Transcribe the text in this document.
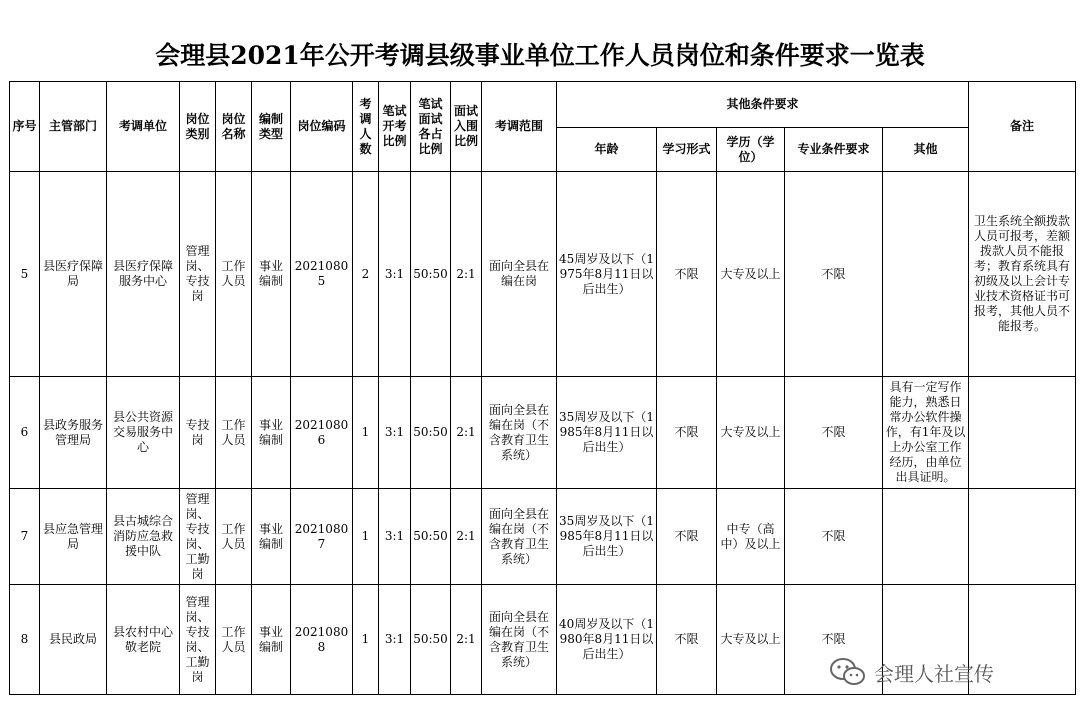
会理县2021年公开考调县级事业单位工作人员岗位和条件要求一览表
序号	主管部门	考调单位	岗位类别	岗位名称	编制类型	岗位编码	考调人数	笔试开考比例	笔试面试各占比例	面试入围比例	考调范围	其他条件要求					备注
												年龄	学习形式	学历（学位）	专业条件要求	其他	
5	县医疗保障局	县医疗保障服务中心	管理岗、专技岗	工作人员	事业编制	20210805	2	3:1	50:50	2:1	面向全县在编在岗	45周岁及以下（1975年8月11日以后出生）	不限	大专及以上	不限		卫生系统全额拨款人员可报考，差额拨款人员不能报考；教育系统具有初级及以上会计专业技术资格证书可报考，其他人员不能报考。
6	县政务服务管理局	县公共资源交易服务中心	专技岗	工作人员	事业编制	20210806	1	3:1	50:50	2:1	面向全县在编在岗（不含教育卫生系统）	35周岁及以下（1985年8月11日以后出生）	不限	大专及以上	不限	具有一定写作能力，熟悉日常办公软件操作，有1年及以上办公室工作经历，由单位出具证明。	
7	县应急管理局	县古城综合消防应急救援中队	管理岗、专技岗、工勤岗	工作人员	事业编制	20210807	1	3:1	50:50	2:1	面向全县在编在岗（不含教育卫生系统）	35周岁及以下（1985年8月11日以后出生）	不限	中专（高中）及以上	不限		
8	县民政局	县农村中心敬老院	管理岗、专技岗、工勤岗	工作人员	事业编制	20210808	1	3:1	50:50	2:1	面向全县在编在岗（不含教育卫生系统）	40周岁及以下（1980年8月11日以后出生）	不限	大专及以上	不限		
会理人社宣传
